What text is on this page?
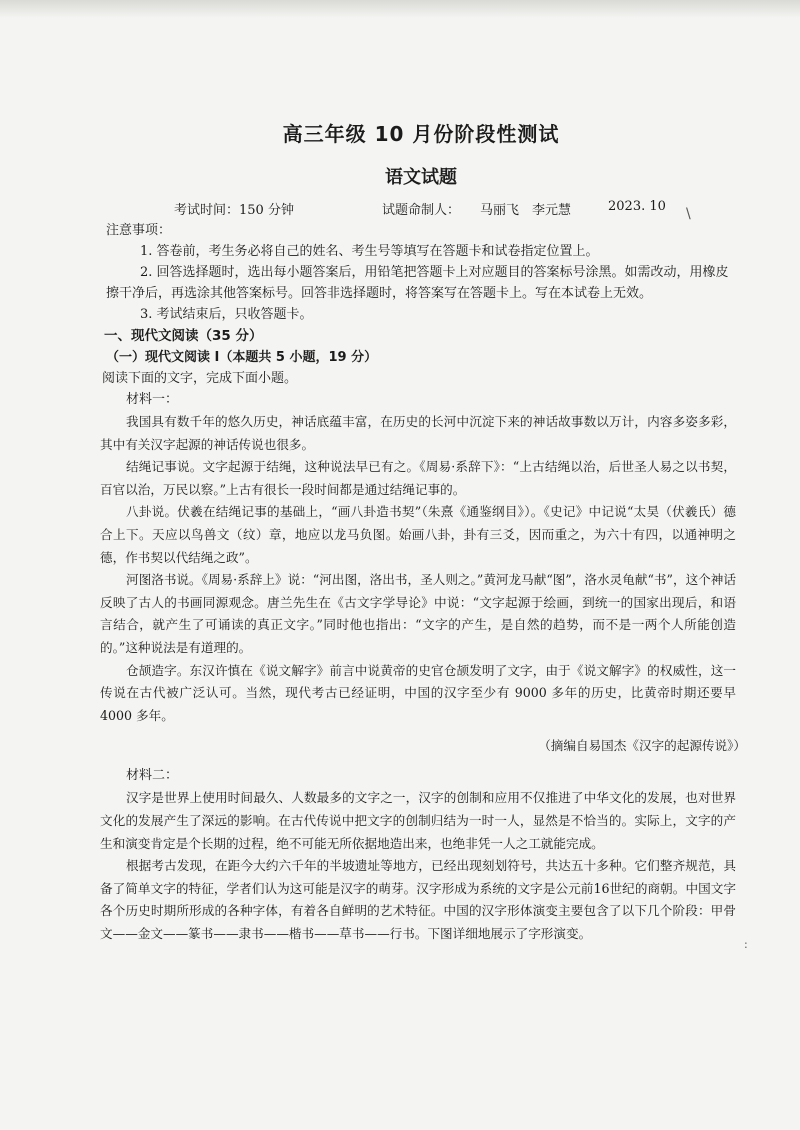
\
:
高三年级 10 月份阶段性测试
语文试题
考试时间：150 分钟	试题命制人： 马丽飞 李元慧	2023. 10
注意事项：
1. 答卷前，考生务必将自己的姓名、考生号等填写在答题卡和试卷指定位置上。
2. 回答选择题时，选出每小题答案后，用铅笔把答题卡上对应题目的答案标号涂黑。如需改动，用橡皮擦干净后，再选涂其他答案标号。回答非选择题时，将答案写在答题卡上。写在本试卷上无效。
3. 考试结束后，只收答题卡。
一、现代文阅读（35 分）
（一）现代文阅读 I（本题共 5 小题，19 分）
阅读下面的文字，完成下面小题。
材料一：

我国具有数千年的悠久历史，神话底蕴丰富，在历史的长河中沉淀下来的神话故事数以万计，内容多姿多彩，其中有关汉字起源的神话传说也很多。

结绳记事说。文字起源于结绳，这种说法早已有之。《周易·系辞下》：“上古结绳以治，后世圣人易之以书契，百官以治，万民以察。”上古有很长一段时间都是通过结绳记事的。

八卦说。伏羲在结绳记事的基础上，“画八卦造书契”（朱熹《通鉴纲目》）。《史记》中记说“太昊（伏羲氏）德合上下。天应以鸟兽文（纹）章，地应以龙马负图。始画八卦，卦有三爻，因而重之，为六十有四，以通神明之德，作书契以代结绳之政”。

河图洛书说。《周易·系辞上》说：“河出图，洛出书，圣人则之。”黄河龙马献“图”，洛水灵龟献“书”，这个神话反映了古人的书画同源观念。唐兰先生在《古文字学导论》中说：“文字起源于绘画，到统一的国家出现后，和语言结合，就产生了可诵读的真正文字。”同时他也指出：“文字的产生，是自然的趋势，而不是一两个人所能创造的。”这种说法是有道理的。

仓颉造字。东汉许慎在《说文解字》前言中说黄帝的史官仓颉发明了文字，由于《说文解字》的权威性，这一传说在古代被广泛认可。当然，现代考古已经证明，中国的汉字至少有 9000 多年的历史，比黄帝时期还要早 4000 多年。

（摘编自易国杰《汉字的起源传说》）
材料二：

汉字是世界上使用时间最久、人数最多的文字之一，汉字的创制和应用不仅推进了中华文化的发展，也对世界文化的发展产生了深远的影响。在古代传说中把文字的创制归结为一时一人，显然是不恰当的。实际上，文字的产生和演变肯定是个长期的过程，绝不可能无所依据地造出来，也绝非凭一人之工就能完成。

根据考古发现，在距今大约六千年的半坡遗址等地方，已经出现刻划符号，共达五十多种。它们整齐规范，具备了简单文字的特征，学者们认为这可能是汉字的萌芽。汉字形成为系统的文字是公元前16世纪的商朝。中国文字各个历史时期所形成的各种字体，有着各自鲜明的艺术特征。中国的汉字形体演变主要包含了以下几个阶段：甲骨文——金文——篆书——隶书——楷书——草书——行书。下图详细地展示了字形演变。
